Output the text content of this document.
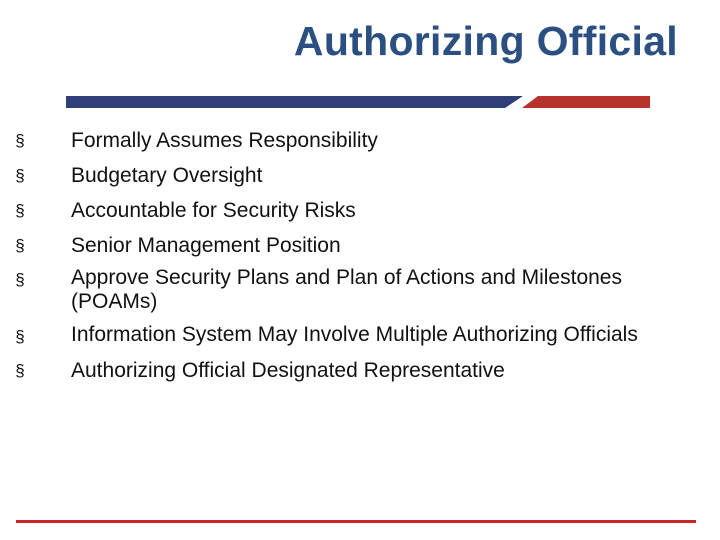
Authorizing Official
§ Formally Assumes Responsibility
§ Budgetary Oversight
§ Accountable for Security Risks
§ Senior Management Position
§ Approve Security Plans and Plan of Actions and Milestones (POAMs)
§ Information System May Involve Multiple Authorizing Officials
§ Authorizing Official Designated Representative
